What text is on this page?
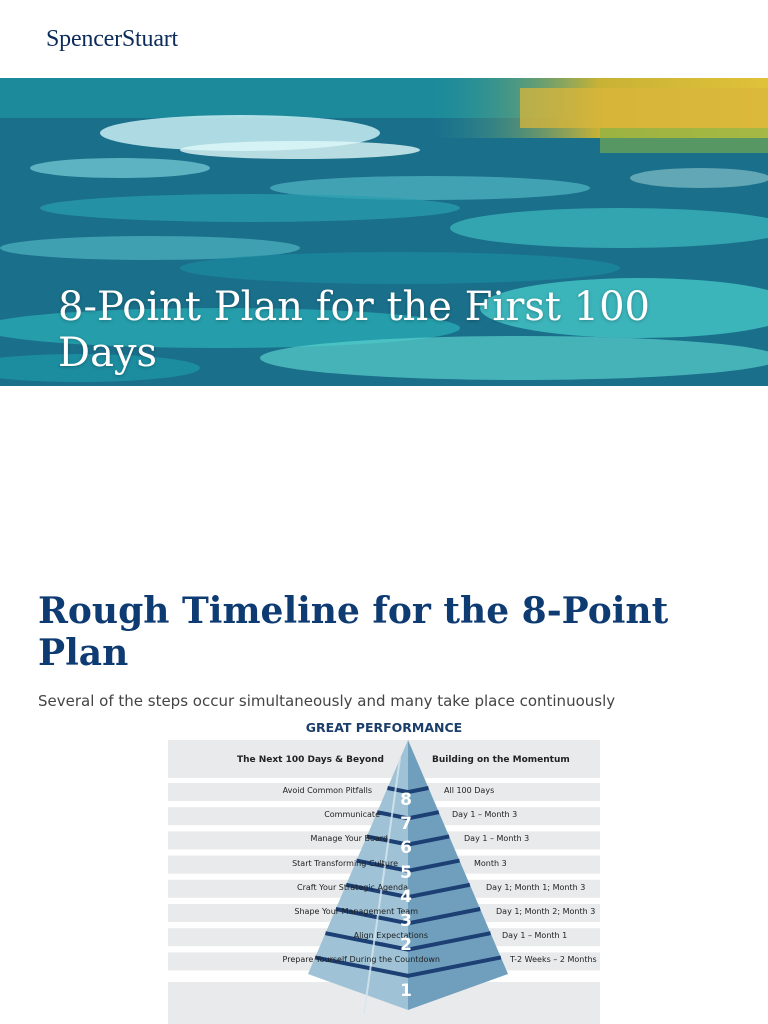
SpencerStuart
8-Point Plan for the First 100 Days
Rough Timeline for the 8-Point Plan

Several of the steps occur simultaneously and many take place continuously

GREAT PERFORMANCE
The Next 100 Days & Beyond	Building on the Momentum
Avoid Common Pitfalls	All 100 Days
8
Communicate	Day 1 – Month 3
7
Manage Your Board	Day 1 – Month 3
6
Start Transforming Culture	Month 3
5
Craft Your Strategic Agenda	Day 1; Month 1; Month 3
4
Shape Your Management Team	Day 1; Month 2; Month 3
3
Align Expectations	Day 1 – Month 1
2
Prepare Yourself During the Countdown	T-2 Weeks – 2 Months
1
